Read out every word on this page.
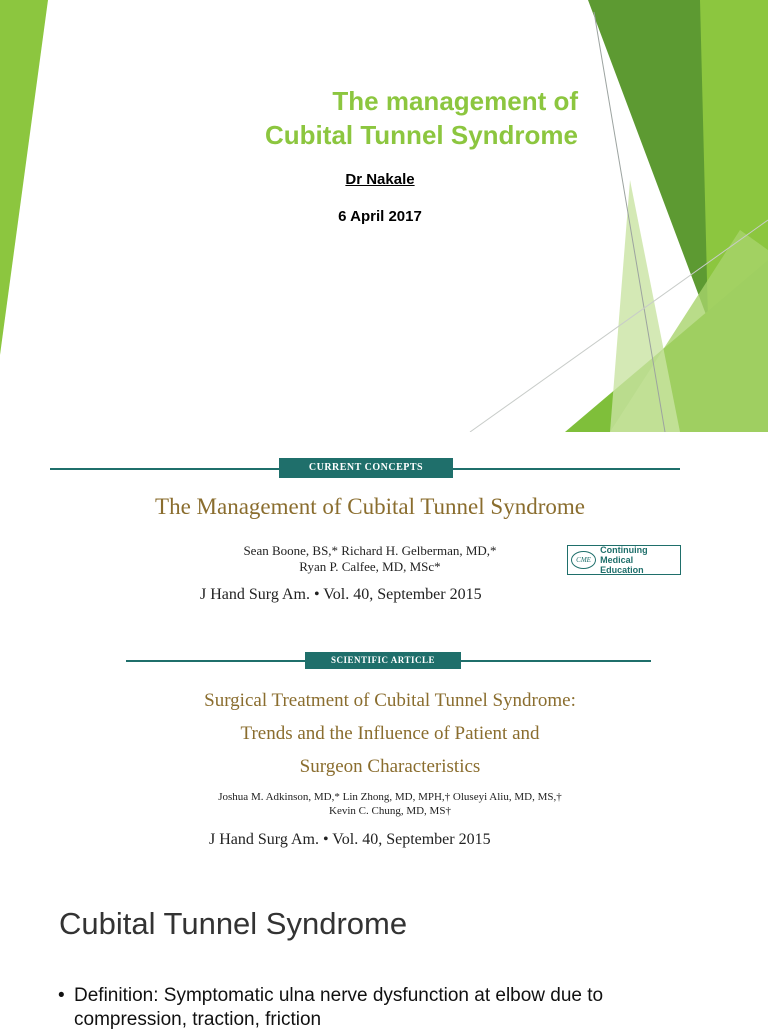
The management of
Cubital Tunnel Syndrome
Dr Nakale
6 April 2017
CURRENT CONCEPTS
The Management of Cubital Tunnel Syndrome
Sean Boone, BS,* Richard H. Gelberman, MD,*
Ryan P. Calfee, MD, MSc*
J Hand Surg Am. • Vol. 40, September 2015
CME
Continuing Medical
Education
SCIENTIFIC ARTICLE
Surgical Treatment of Cubital Tunnel Syndrome:
Trends and the Influence of Patient and
Surgeon Characteristics
Joshua M. Adkinson, MD,* Lin Zhong, MD, MPH,† Oluseyi Aliu, MD, MS,†
Kevin C. Chung, MD, MS†
J Hand Surg Am. • Vol. 40, September 2015
Cubital Tunnel Syndrome
• Definition: Symptomatic ulna nerve dysfunction at elbow due to
compression, traction, friction
